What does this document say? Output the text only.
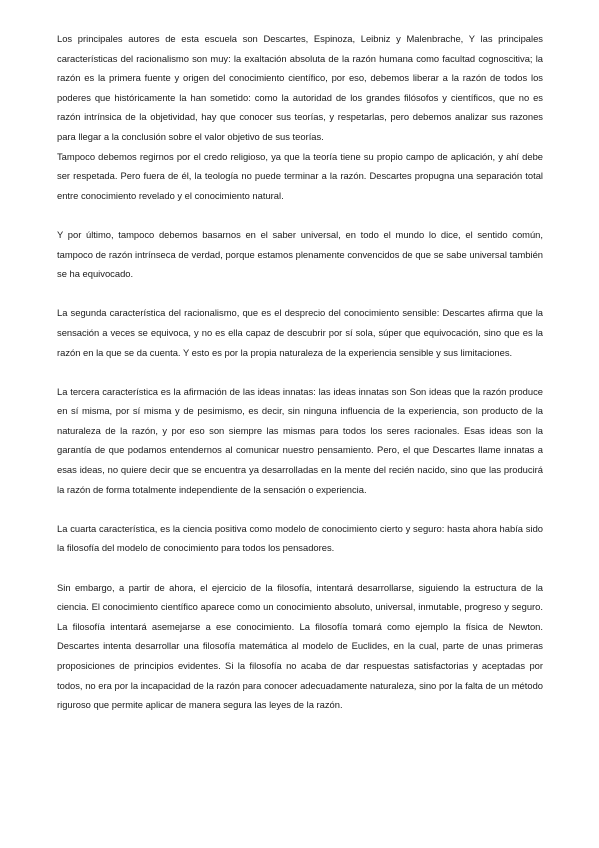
Los principales autores de esta escuela son Descartes, Espinoza, Leibniz y Malenbrache, Y las principales características del racionalismo son muy: la exaltación absoluta de la razón humana como facultad cognoscitiva; la razón es la primera fuente y origen del conocimiento científico, por eso, debemos liberar a la razón de todos los poderes que históricamente la han sometido: como la autoridad de los grandes filósofos y científicos, que no es razón intrínsica de la objetividad, hay que conocer sus teorías, y respetarlas, pero debemos analizar sus razones para llegar a la conclusión sobre el valor objetivo de sus teorías.

Tampoco debemos regirnos por el credo religioso, ya que la teoría tiene su propio campo de aplicación, y ahí debe ser respetada. Pero fuera de él, la teología no puede terminar a la razón. Descartes propugna una separación total entre conocimiento revelado y el conocimiento natural.

Y por último, tampoco debemos basarnos en el saber universal, en todo el mundo lo dice, el sentido común, tampoco de razón intrínseca de verdad, porque estamos plenamente convencidos de que se sabe universal también se ha equivocado.

La segunda característica del racionalismo, que es el desprecio del conocimiento sensible: Descartes afirma que la sensación a veces se equivoca, y no es ella capaz de descubrir por sí sola, súper que equivocación, sino que es la razón en la que se da cuenta. Y esto es por la propia naturaleza de la experiencia sensible y sus limitaciones.

La tercera característica es la afirmación de las ideas innatas: las ideas innatas son Son ideas que la razón produce en sí misma, por sí misma y de pesimismo, es decir, sin ninguna influencia de la experiencia, son producto de la naturaleza de la razón, y por eso son siempre las mismas para todos los seres racionales. Esas ideas son la garantía de que podamos entendernos al comunicar nuestro pensamiento. Pero, el que Descartes llame innatas a esas ideas, no quiere decir que se encuentra ya desarrolladas en la mente del recién nacido, sino que las producirá la razón de forma totalmente independiente de la sensación o experiencia.

La cuarta característica, es la ciencia positiva como modelo de conocimiento cierto y seguro: hasta ahora había sido la filosofía del modelo de conocimiento para todos los pensadores.

Sin embargo, a partir de ahora, el ejercicio de la filosofía, intentará desarrollarse, siguiendo la estructura de la ciencia. El conocimiento científico aparece como un conocimiento absoluto, universal, inmutable, progreso y seguro. La filosofía intentará asemejarse a ese conocimiento. La filosofía tomará como ejemplo la física de Newton. Descartes intenta desarrollar una filosofía matemática al modelo de Euclides, en la cual, parte de unas primeras proposiciones de principios evidentes. Si la filosofía no acaba de dar respuestas satisfactorias y aceptadas por todos, no era por la incapacidad de la razón para conocer adecuadamente naturaleza, sino por la falta de un método riguroso que permite aplicar de manera segura las leyes de la razón.
